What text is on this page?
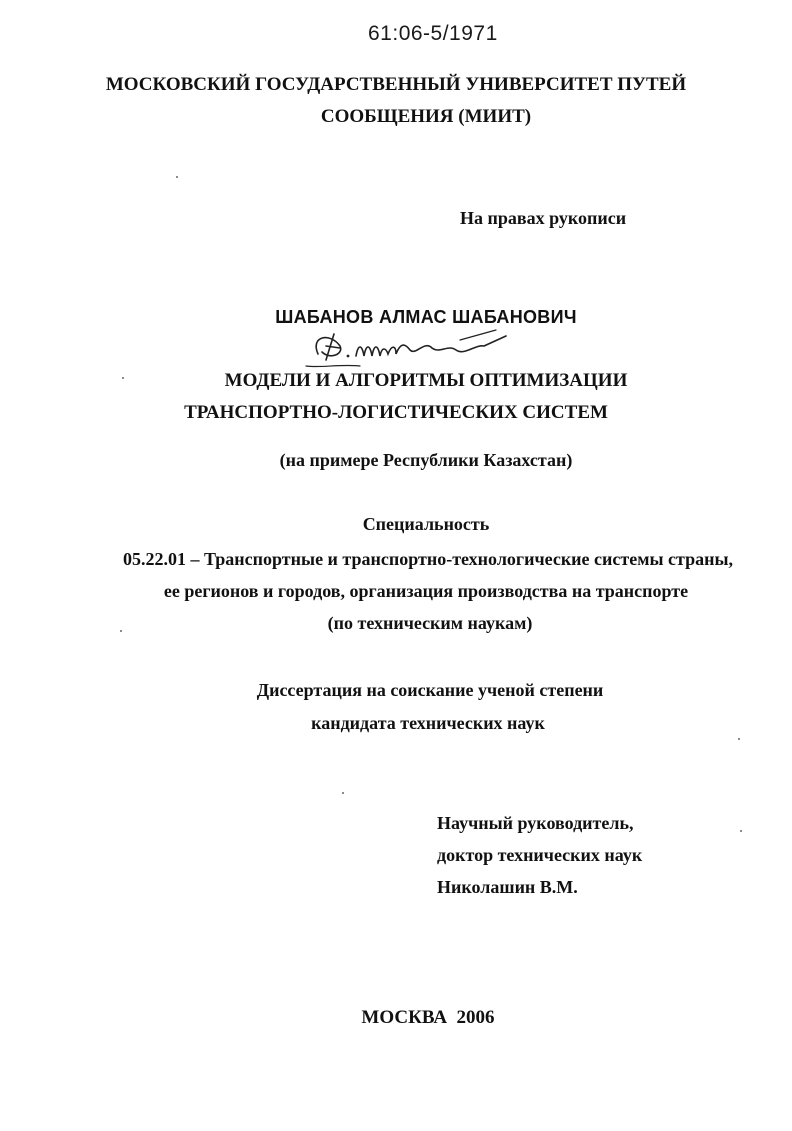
61:06-5/1971
МОСКОВСКИЙ ГОСУДАРСТВЕННЫЙ УНИВЕРСИТЕТ ПУТЕЙ
СООБЩЕНИЯ (МИИТ)
На правах рукописи
ШАБАНОВ АЛМАС ШАБАНОВИЧ
МОДЕЛИ И АЛГОРИТМЫ ОПТИМИЗАЦИИ
ТРАНСПОРТНО-ЛОГИСТИЧЕСКИХ СИСТЕМ
(на примере Республики Казахстан)
Специальность
05.22.01 – Транспортные и транспортно-технологические системы страны,
ее регионов и городов, организация производства на транспорте
(по техническим наукам)
Диссертация на соискание ученой степени
кандидата технических наук
Научный руководитель,
доктор технических наук
Николашин В.М.
МОСКВА  2006
